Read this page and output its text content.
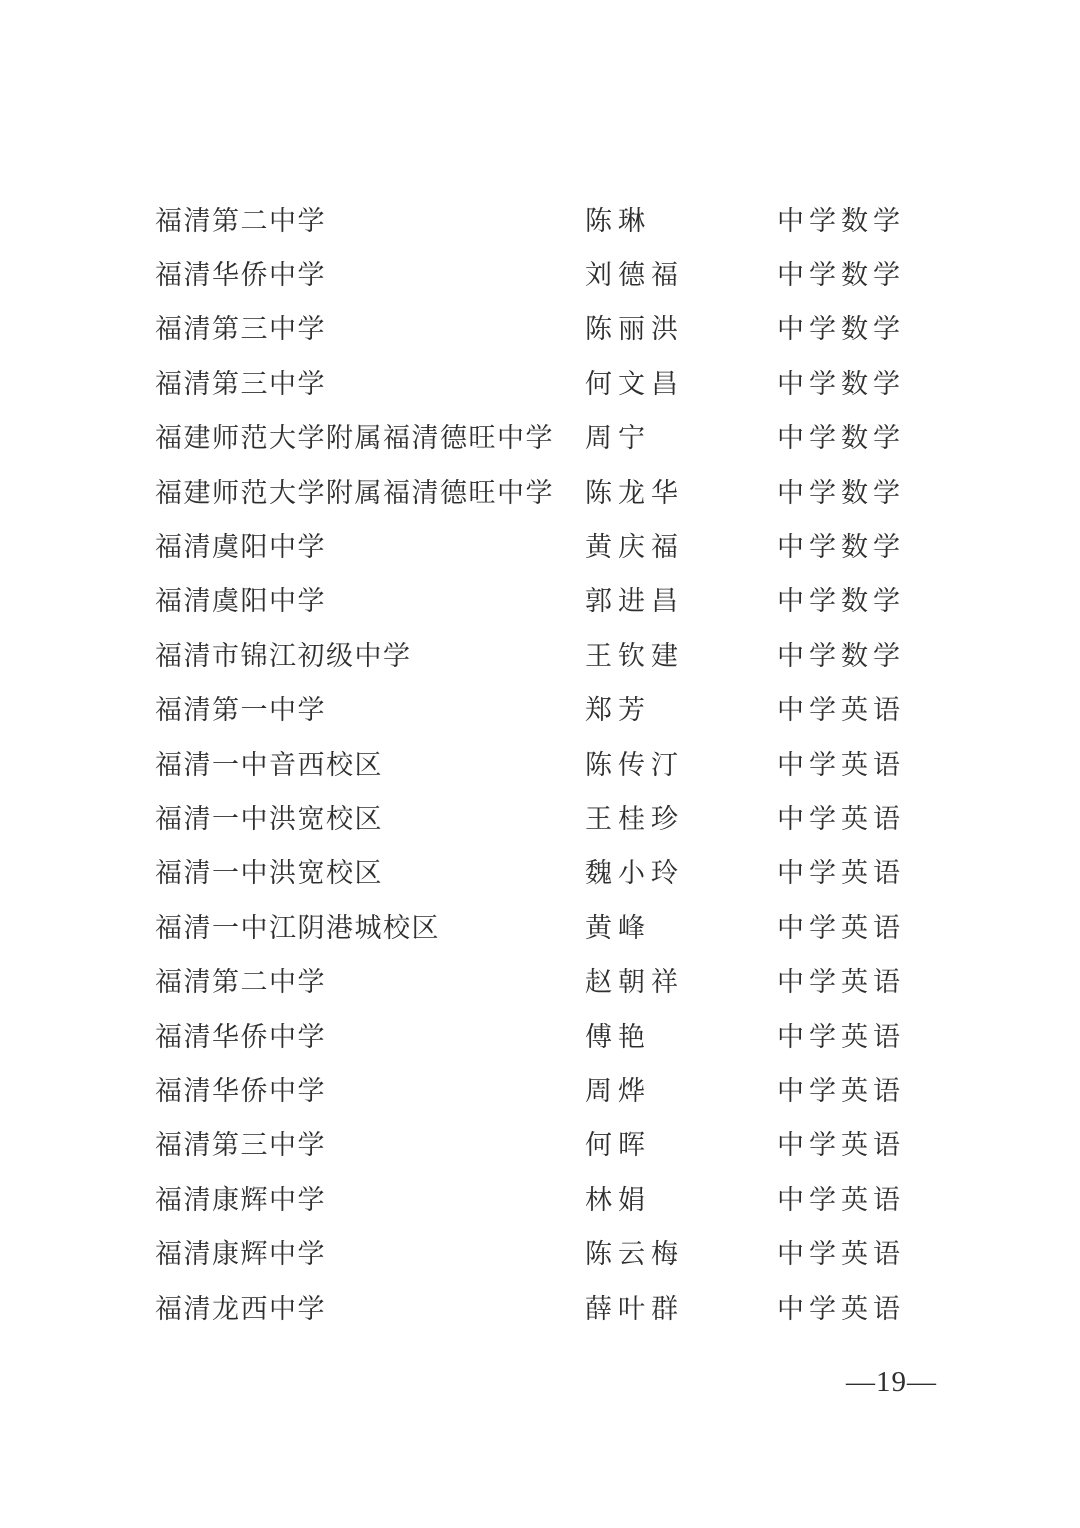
福清第二中学	陈琳	中学数学
福清华侨中学	刘德福	中学数学
福清第三中学	陈丽洪	中学数学
福清第三中学	何文昌	中学数学
福建师范大学附属福清德旺中学	周宁	中学数学
福建师范大学附属福清德旺中学	陈龙华	中学数学
福清虞阳中学	黄庆福	中学数学
福清虞阳中学	郭进昌	中学数学
福清市锦江初级中学	王钦建	中学数学
福清第一中学	郑芳	中学英语
福清一中音西校区	陈传汀	中学英语
福清一中洪宽校区	王桂珍	中学英语
福清一中洪宽校区	魏小玲	中学英语
福清一中江阴港城校区	黄峰	中学英语
福清第二中学	赵朝祥	中学英语
福清华侨中学	傅艳	中学英语
福清华侨中学	周烨	中学英语
福清第三中学	何晖	中学英语
福清康辉中学	林娟	中学英语
福清康辉中学	陈云梅	中学英语
福清龙西中学	薛叶群	中学英语
—19—
